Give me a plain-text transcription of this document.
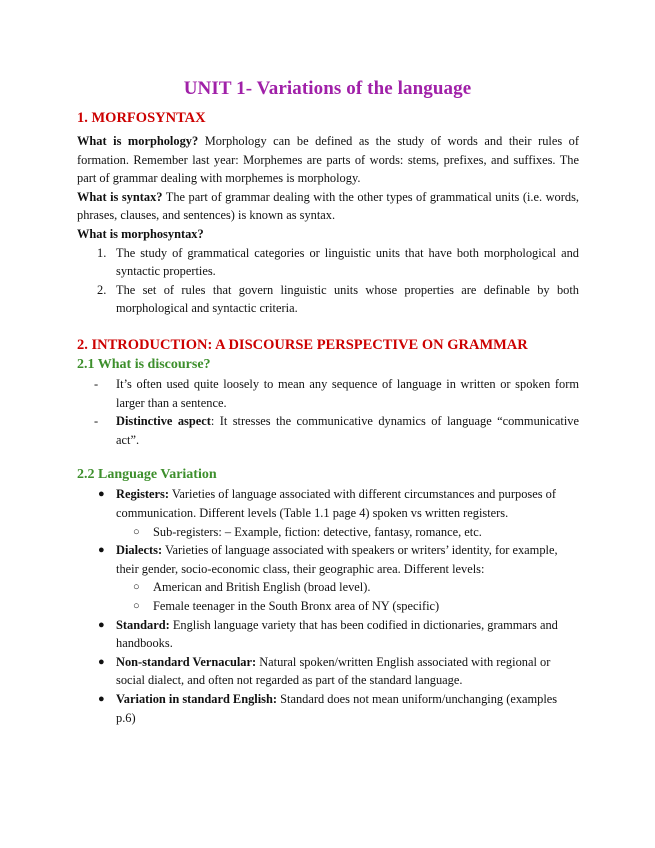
UNIT 1- Variations of the language
1. MORFOSYNTAX

What is morphology? Morphology can be defined as the study of words and their rules of formation. Remember last year: Morphemes are parts of words: stems, prefixes, and suffixes. The part of grammar dealing with morphemes is morphology.

What is syntax? The part of grammar dealing with the other types of grammatical units (i.e. words, phrases, clauses, and sentences) is known as syntax.

What is morphosyntax?

1. The study of grammatical categories or linguistic units that have both morphological and syntactic properties.
2. The set of rules that govern linguistic units whose properties are definable by both morphological and syntactic criteria.
2. INTRODUCTION: A DISCOURSE PERSPECTIVE ON GRAMMAR
2.1 What is discourse?
- It’s often used quite loosely to mean any sequence of language in written or spoken form larger than a sentence.
- Distinctive aspect: It stresses the communicative dynamics of language “communicative act”.
2.2 Language Variation
● Registers: Varieties of language associated with different circumstances and purposes of communication. Different levels (Table 1.1 page 4) spoken vs written registers.
○ Sub-registers: – Example, fiction: detective, fantasy, romance, etc.
● Dialects: Varieties of language associated with speakers or writers’ identity, for example, their gender, socio-economic class, their geographic area. Different levels:
○ American and British English (broad level).
○ Female teenager in the South Bronx area of NY (specific)
● Standard: English language variety that has been codified in dictionaries, grammars and handbooks.
● Non-standard Vernacular: Natural spoken/written English associated with regional or social dialect, and often not regarded as part of the standard language.
● Variation in standard English: Standard does not mean uniform/unchanging (examples p.6)
